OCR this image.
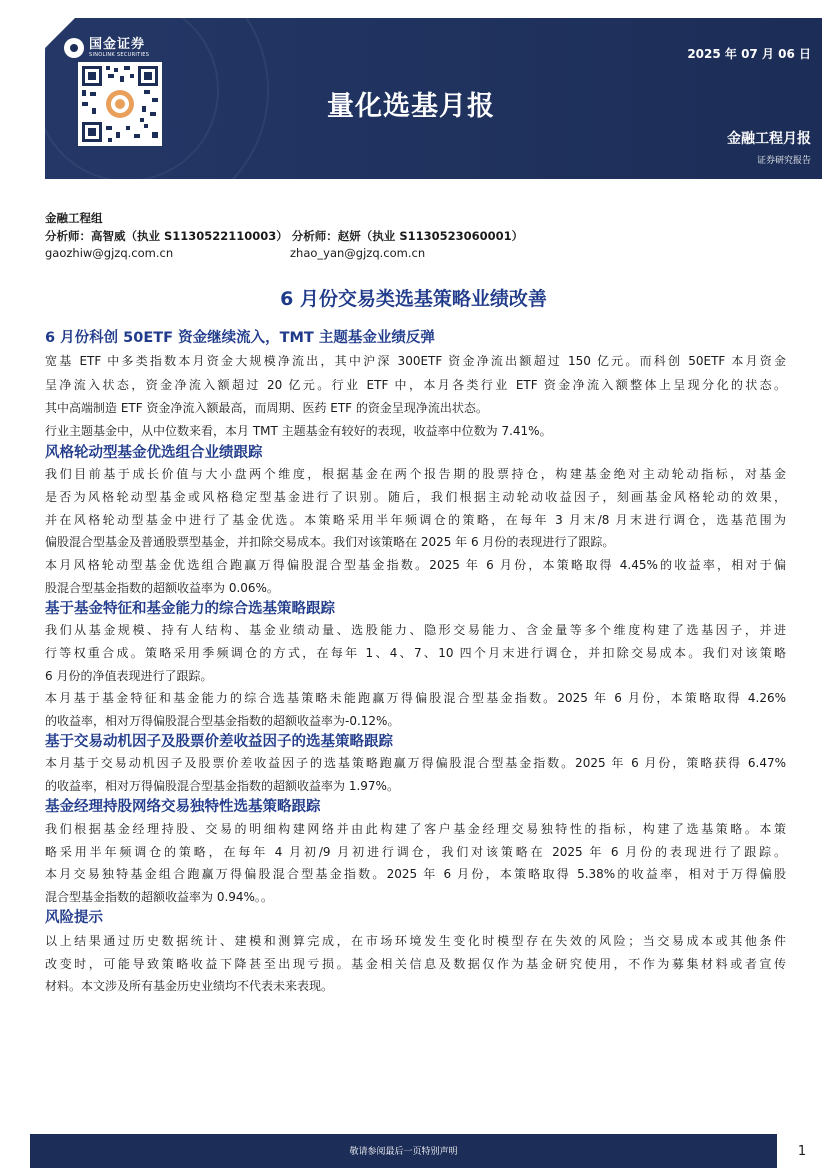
国金证券
SINOLINK SECURITIES	2025 年 07 月 06 日
量化选基月报
金融工程月报
证券研究报告
金融工程组
分析师：高智威（执业 S1130522110003） 分析师：赵妍（执业 S1130523060001）
gaozhiw@gjzq.com.cn	zhao_yan@gjzq.com.cn
6 月份交易类选基策略业绩改善
6 月份科创 50ETF 资金继续流入，TMT 主题基金业绩反弹
宽基 ETF 中多类指数本月资金大规模净流出，其中沪深 300ETF 资金净流出额超过 150 亿元。而科创 50ETF 本月资金
呈净流入状态，资金净流入额超过 20 亿元。行业 ETF 中，本月各类行业 ETF 资金净流入额整体上呈现分化的状态。
其中高端制造 ETF 资金净流入额最高，而周期、医药 ETF 的资金呈现净流出状态。
行业主题基金中，从中位数来看，本月 TMT 主题基金有较好的表现，收益率中位数为 7.41%。
风格轮动型基金优选组合业绩跟踪
我们目前基于成长价值与大小盘两个维度，根据基金在两个报告期的股票持仓，构建基金绝对主动轮动指标，对基金
是否为风格轮动型基金或风格稳定型基金进行了识别。随后，我们根据主动轮动收益因子，刻画基金风格轮动的效果，
并在风格轮动型基金中进行了基金优选。本策略采用半年频调仓的策略，在每年 3 月末/8 月末进行调仓，选基范围为
偏股混合型基金及普通股票型基金，并扣除交易成本。我们对该策略在 2025 年 6 月份的表现进行了跟踪。
本月风格轮动型基金优选组合跑赢万得偏股混合型基金指数。2025 年 6 月份，本策略取得 4.45%的收益率，相对于偏
股混合型基金指数的超额收益率为 0.06%。
基于基金特征和基金能力的综合选基策略跟踪
我们从基金规模、持有人结构、基金业绩动量、选股能力、隐形交易能力、含金量等多个维度构建了选基因子，并进
行等权重合成。策略采用季频调仓的方式，在每年 1、4、7、10 四个月末进行调仓，并扣除交易成本。我们对该策略
6 月份的净值表现进行了跟踪。
本月基于基金特征和基金能力的综合选基策略未能跑赢万得偏股混合型基金指数。2025 年 6 月份，本策略取得 4.26%
的收益率，相对万得偏股混合型基金指数的超额收益率为-0.12%。
基于交易动机因子及股票价差收益因子的选基策略跟踪
本月基于交易动机因子及股票价差收益因子的选基策略跑赢万得偏股混合型基金指数。2025 年 6 月份，策略获得 6.47%
的收益率，相对万得偏股混合型基金指数的超额收益率为 1.97%。
基金经理持股网络交易独特性选基策略跟踪
我们根据基金经理持股、交易的明细构建网络并由此构建了客户基金经理交易独特性的指标，构建了选基策略。本策
略采用半年频调仓的策略，在每年 4 月初/9 月初进行调仓，我们对该策略在 2025 年 6 月份的表现进行了跟踪。
本月交易独特基金组合跑赢万得偏股混合型基金指数。2025 年 6 月份，本策略取得 5.38%的收益率，相对于万得偏股
混合型基金指数的超额收益率为 0.94%。。
风险提示
以上结果通过历史数据统计、建模和测算完成，在市场环境发生变化时模型存在失效的风险；当交易成本或其他条件
改变时，可能导致策略收益下降甚至出现亏损。基金相关信息及数据仅作为基金研究使用，不作为募集材料或者宣传
材料。本文涉及所有基金历史业绩均不代表未来表现。
敬请参阅最后一页特别声明	1
